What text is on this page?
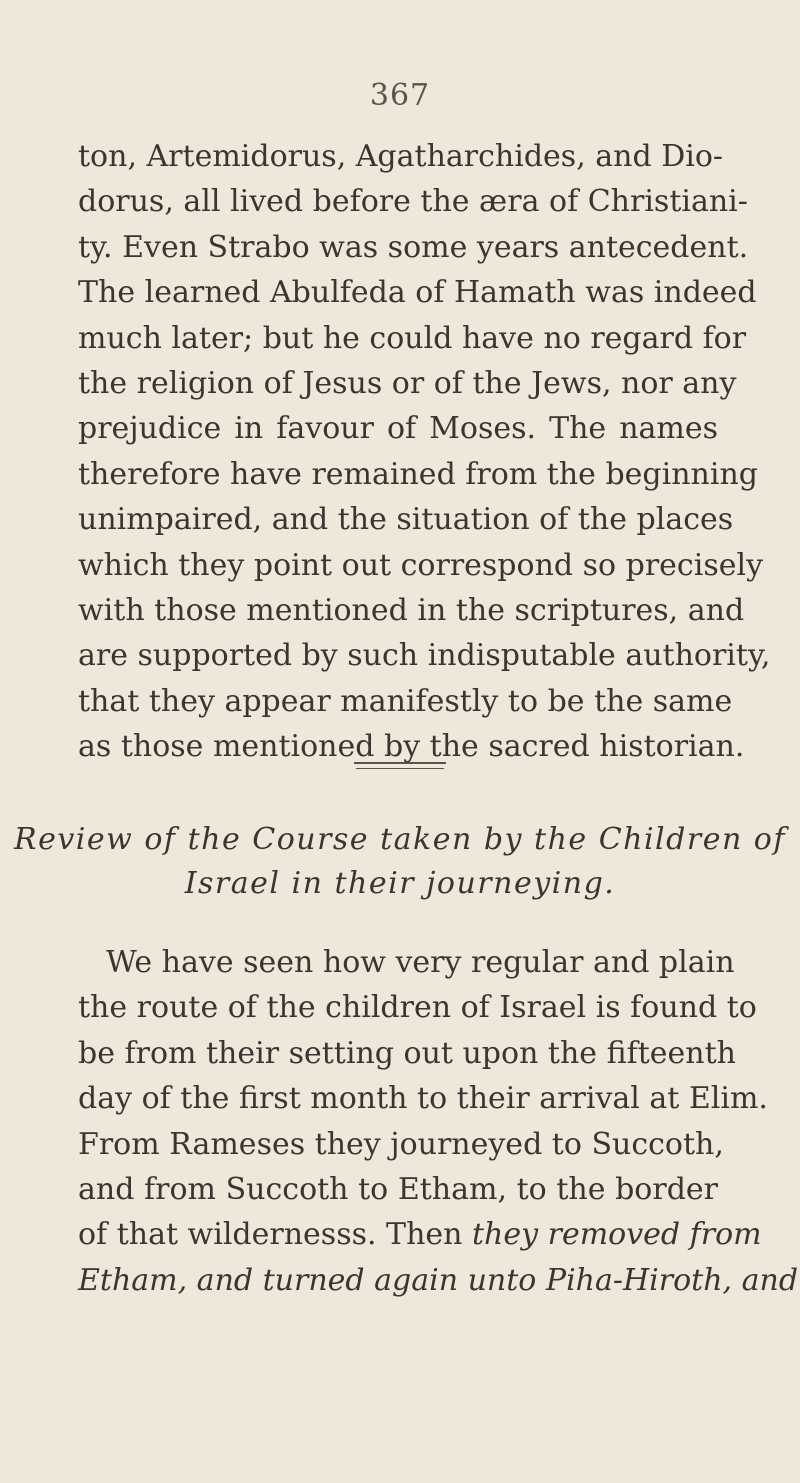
367
ton, Artemidorus, Agatharchides, and Dio-
dorus, all lived before the æra of Christiani-
ty. Even Strabo was some years antecedent.
The learned Abulfeda of Hamath was indeed
much later; but he could have no regard for
the religion of Jesus or of the Jews, nor any
prejudice in favour of Moses. The names
therefore have remained from the beginning
unimpaired, and the situation of the places
which they point out correspond so precisely
with those mentioned in the scriptures, and
are supported by such indisputable authority,
that they appear manifestly to be the same
as those mentioned by the sacred historian.
Review of the Course taken by the Children of
Israel in their journeying.
We have seen how very regular and plain
the route of the children of Israel is found to
be from their setting out upon the fifteenth
day of the first month to their arrival at Elim.
From Rameses they journeyed to Succoth,
and from Succoth to Etham, to the border
of that wildernesss. Then they removed from
Etham, and turned again unto Piha-Hiroth, and
